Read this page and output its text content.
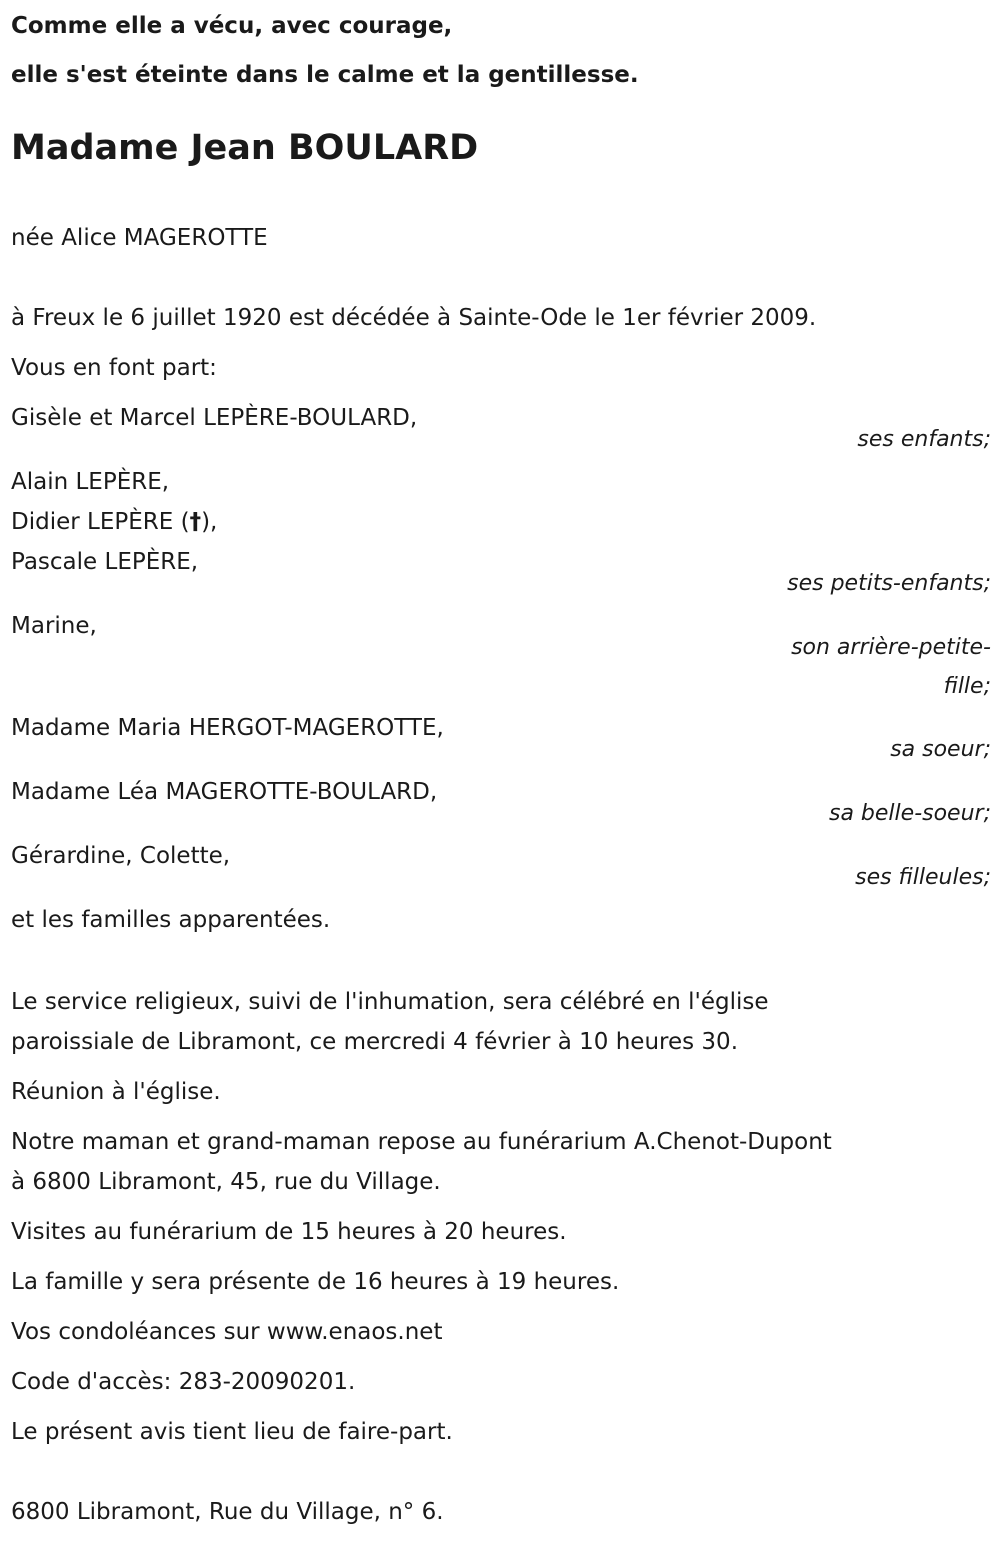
Comme elle a vécu, avec courage,
elle s'est éteinte dans le calme et la gentillesse.
Madame Jean BOULARD
née Alice MAGEROTTE
à Freux le 6 juillet 1920 est décédée à Sainte-Ode le 1er février 2009.
Vous en font part:
Gisèle et Marcel LEPÈRE-BOULARD,
ses enfants;
Alain LEPÈRE,
Didier LEPÈRE (†),
Pascale LEPÈRE,
ses petits-enfants;
Marine,
son arrière-petite-
fille;
Madame Maria HERGOT-MAGEROTTE,
sa soeur;
Madame Léa MAGEROTTE-BOULARD,
sa belle-soeur;
Gérardine, Colette,
ses filleules;
et les familles apparentées.
Le service religieux, suivi de l'inhumation, sera célébré en l'église
paroissiale de Libramont, ce mercredi 4 février à 10 heures 30.
Réunion à l'église.
Notre maman et grand-maman repose au funérarium A.Chenot-Dupont
à 6800 Libramont, 45, rue du Village.
Visites au funérarium de 15 heures à 20 heures.
La famille y sera présente de 16 heures à 19 heures.
Vos condoléances sur www.enaos.net
Code d'accès: 283-20090201.
Le présent avis tient lieu de faire-part.
6800 Libramont, Rue du Village, n° 6.
